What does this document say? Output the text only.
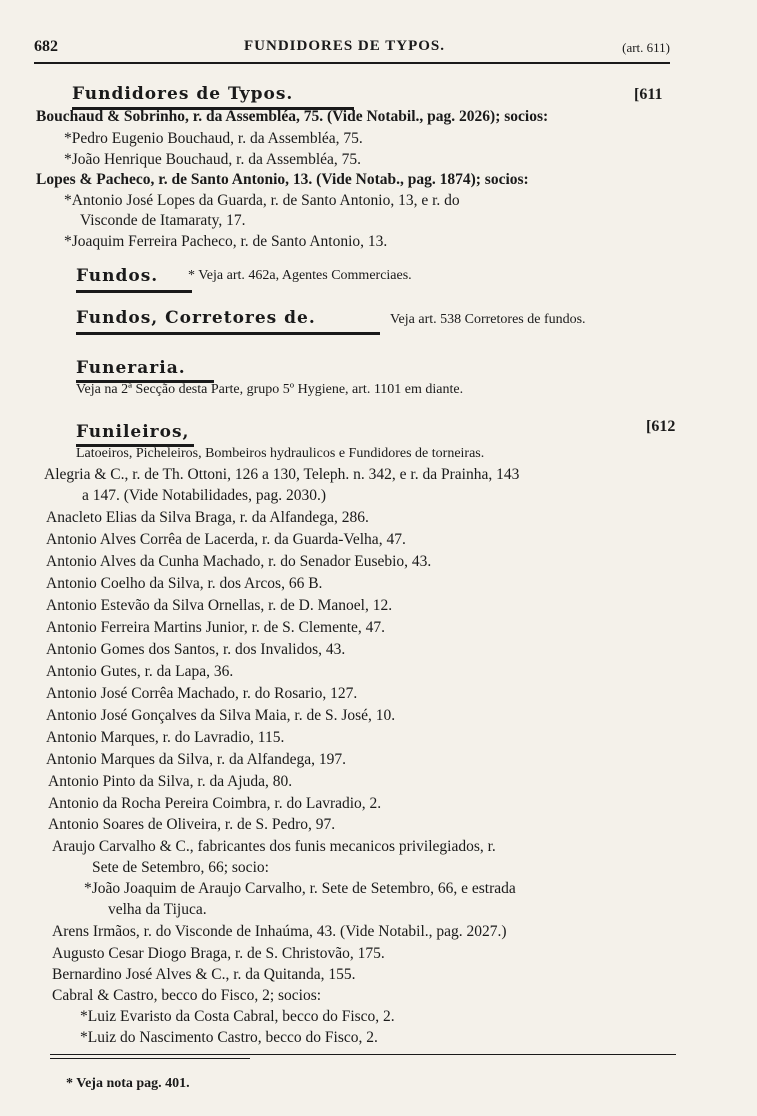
682	FUNDIDORES DE TYPOS.	(art. 611)
Fundidores de Typos.	[611
Bouchaud & Sobrinho, r. da Assembléa, 75. (Vide Notabil., pag. 2026); socios:
*Pedro Eugenio Bouchaud, r. da Assembléa, 75.
*João Henrique Bouchaud, r. da Assembléa, 75.
Lopes & Pacheco, r. de Santo Antonio, 13. (Vide Notab., pag. 1874); socios:
*Antonio José Lopes da Guarda, r. de Santo Antonio, 13, e r. do
Visconde de Itamaraty, 17.
*Joaquim Ferreira Pacheco, r. de Santo Antonio, 13.
Fundos. * Veja art. 462a, Agentes Commerciaes.
Fundos, Corretores de.	Veja art. 538 Corretores de fundos.
Funeraria.
Veja na 2ª Secção desta Parte, grupo 5º Hygiene, art. 1101 em diante.
Funileiros,	[612
Latoeiros, Picheleiros, Bombeiros hydraulicos e Fundidores de torneiras.
Alegria & C., r. de Th. Ottoni, 126 a 130, Teleph. n. 342, e r. da Prainha, 143
a 147. (Vide Notabilidades, pag. 2030.)
Anacleto Elias da Silva Braga, r. da Alfandega, 286.
Antonio Alves Corrêa de Lacerda, r. da Guarda-Velha, 47.
Antonio Alves da Cunha Machado, r. do Senador Eusebio, 43.
Antonio Coelho da Silva, r. dos Arcos, 66 B.
Antonio Estevão da Silva Ornellas, r. de D. Manoel, 12.
Antonio Ferreira Martins Junior, r. de S. Clemente, 47.
Antonio Gomes dos Santos, r. dos Invalidos, 43.
Antonio Gutes, r. da Lapa, 36.
Antonio José Corrêa Machado, r. do Rosario, 127.
Antonio José Gonçalves da Silva Maia, r. de S. José, 10.
Antonio Marques, r. do Lavradio, 115.
Antonio Marques da Silva, r. da Alfandega, 197.
Antonio Pinto da Silva, r. da Ajuda, 80.
Antonio da Rocha Pereira Coimbra, r. do Lavradio, 2.
Antonio Soares de Oliveira, r. de S. Pedro, 97.
Araujo Carvalho & C., fabricantes dos funis mecanicos privilegiados, r.
Sete de Setembro, 66; socio:
*João Joaquim de Araujo Carvalho, r. Sete de Setembro, 66, e estrada
velha da Tijuca.
Arens Irmãos, r. do Visconde de Inhaúma, 43. (Vide Notabil., pag. 2027.)
Augusto Cesar Diogo Braga, r. de S. Christovão, 175.
Bernardino José Alves & C., r. da Quitanda, 155.
Cabral & Castro, becco do Fisco, 2; socios:
*Luiz Evaristo da Costa Cabral, becco do Fisco, 2.
*Luiz do Nascimento Castro, becco do Fisco, 2.
* Veja nota pag. 401.
